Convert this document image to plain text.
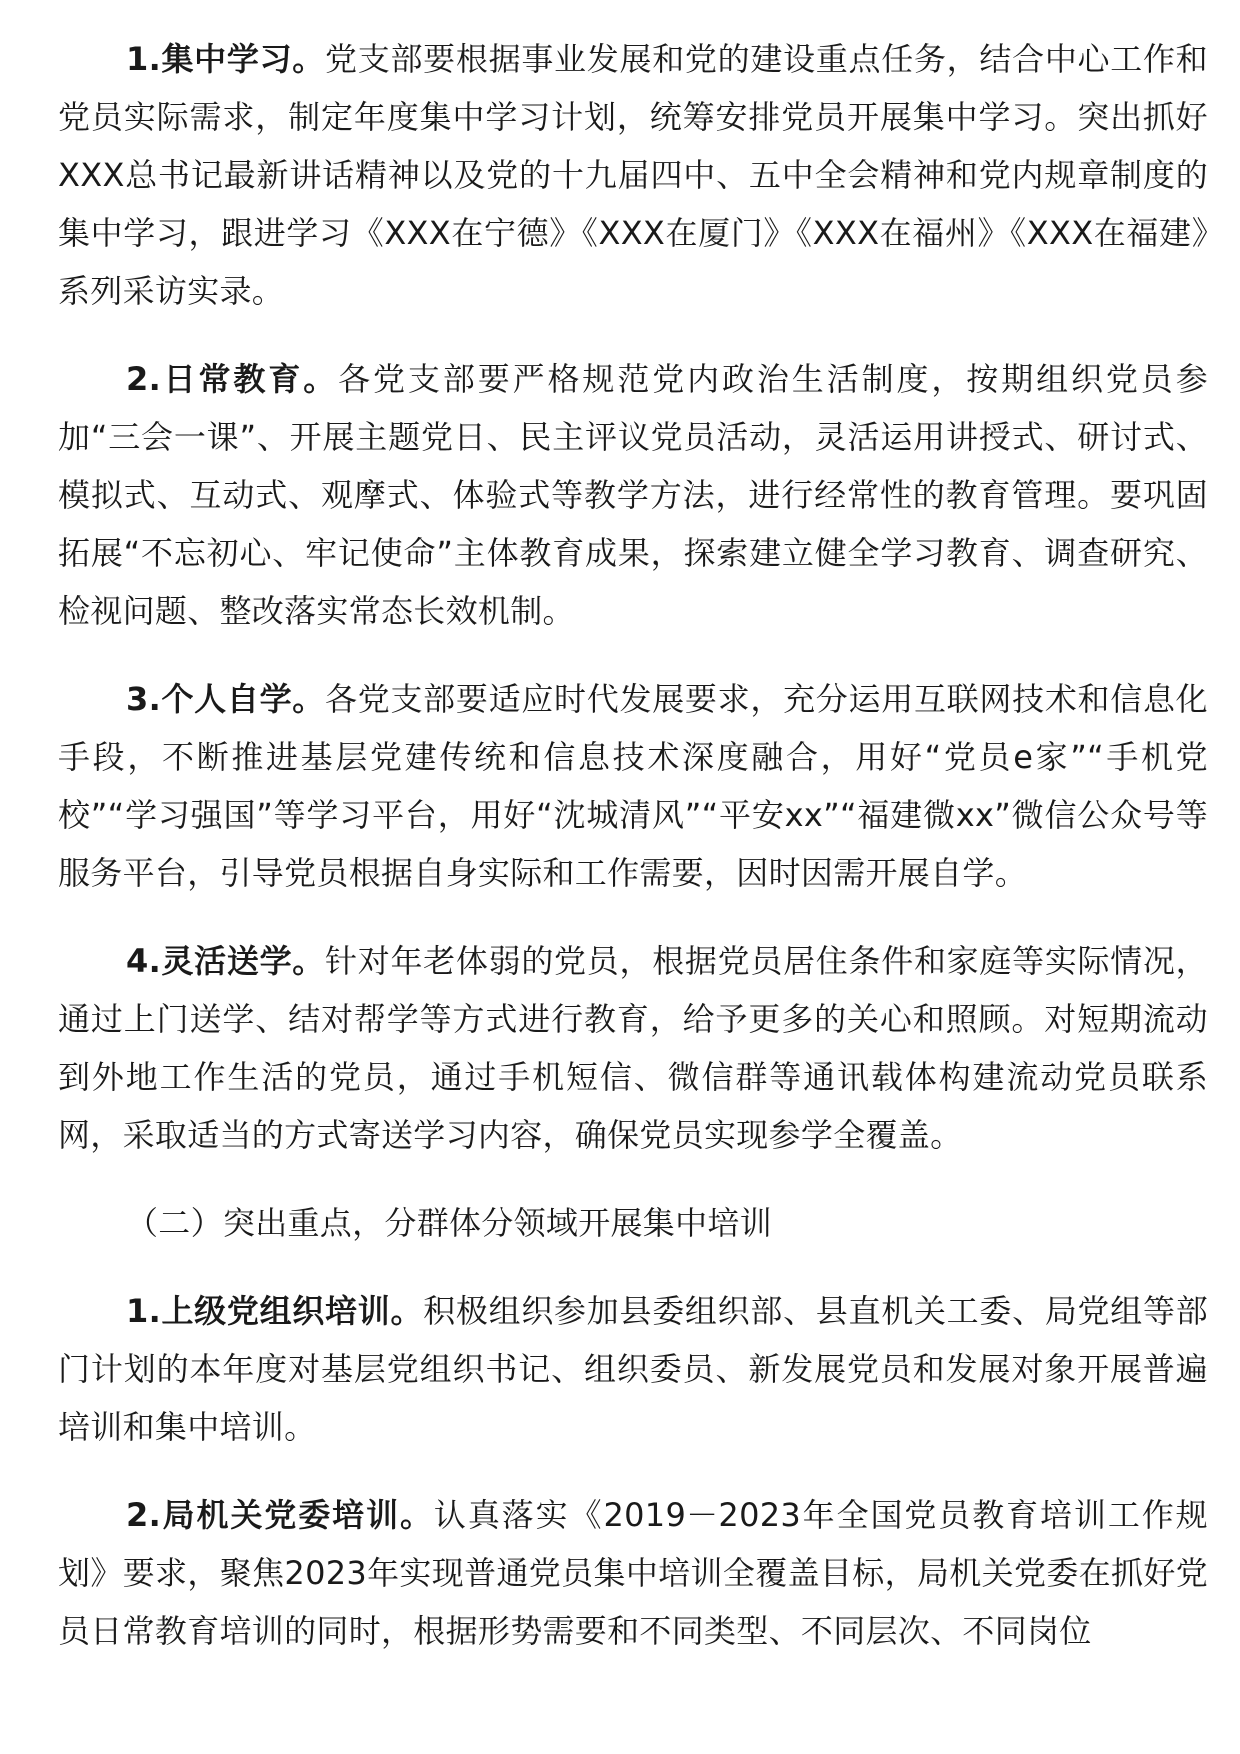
1.集中学习。党支部要根据事业发展和党的建设重点任务，结合中心工作和党员实际需求，制定年度集中学习计划，统筹安排党员开展集中学习。突出抓好XXX总书记最新讲话精神以及党的十九届四中、五中全会精神和党内规章制度的集中学习，跟进学习《XXX在宁德》《XXX在厦门》《XXX在福州》《XXX在福建》系列采访实录。

2.日常教育。各党支部要严格规范党内政治生活制度，按期组织党员参加“三会一课”、开展主题党日、民主评议党员活动，灵活运用讲授式、研讨式、模拟式、互动式、观摩式、体验式等教学方法，进行经常性的教育管理。要巩固拓展“不忘初心、牢记使命”主体教育成果，探索建立健全学习教育、调查研究、检视问题、整改落实常态长效机制。

3.个人自学。各党支部要适应时代发展要求，充分运用互联网技术和信息化手段，不断推进基层党建传统和信息技术深度融合，用好“党员e家”“手机党校”“学习强国”等学习平台，用好“沈城清风”“平安xx”“福建微xx”微信公众号等服务平台，引导党员根据自身实际和工作需要，因时因需开展自学。

4.灵活送学。针对年老体弱的党员，根据党员居住条件和家庭等实际情况，通过上门送学、结对帮学等方式进行教育，给予更多的关心和照顾。对短期流动到外地工作生活的党员，通过手机短信、微信群等通讯载体构建流动党员联系网，采取适当的方式寄送学习内容，确保党员实现参学全覆盖。

（二）突出重点，分群体分领域开展集中培训

1.上级党组织培训。积极组织参加县委组织部、县直机关工委、局党组等部门计划的本年度对基层党组织书记、组织委员、新发展党员和发展对象开展普遍培训和集中培训。

2.局机关党委培训。认真落实《2019－2023年全国党员教育培训工作规划》要求，聚焦2023年实现普通党员集中培训全覆盖目标，局机关党委在抓好党员日常教育培训的同时，根据形势需要和不同类型、不同层次、不同岗位
